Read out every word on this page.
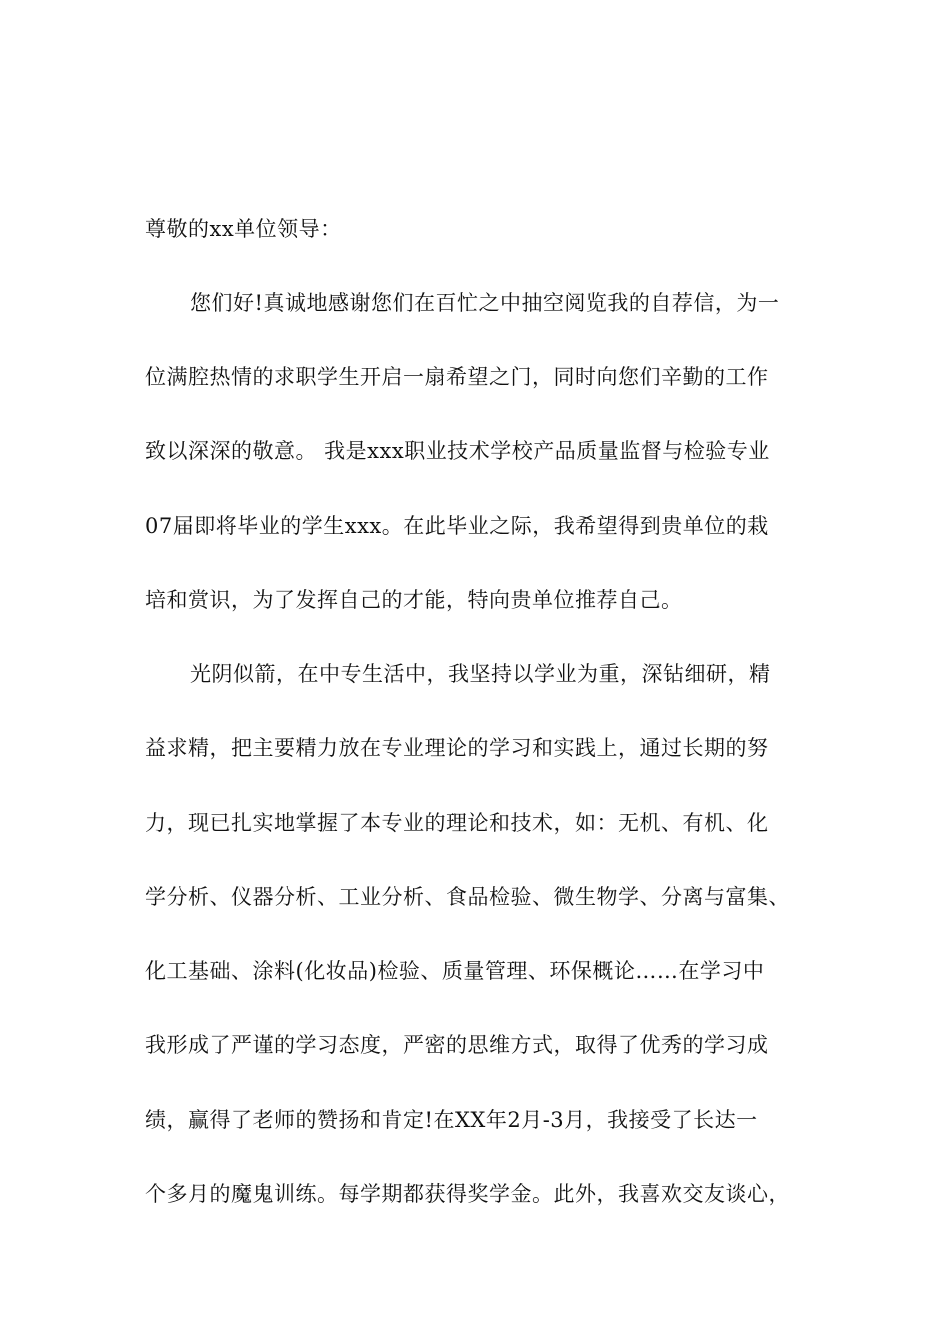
尊敬的xx单位领导：
您们好!真诚地感谢您们在百忙之中抽空阅览我的自荐信，为一
位满腔热情的求职学生开启一扇希望之门，同时向您们辛勤的工作
致以深深的敬意。 我是xxx职业技术学校产品质量监督与检验专业
07届即将毕业的学生xxx。在此毕业之际，我希望得到贵单位的栽
培和赏识，为了发挥自己的才能，特向贵单位推荐自己。
光阴似箭，在中专生活中，我坚持以学业为重，深钻细研，精
益求精，把主要精力放在专业理论的学习和实践上，通过长期的努
力，现已扎实地掌握了本专业的理论和技术，如：无机、有机、化
学分析、仪器分析、工业分析、食品检验、微生物学、分离与富集、
化工基础、涂料(化妆品)检验、质量管理、环保概论……在学习中
我形成了严谨的学习态度，严密的思维方式，取得了优秀的学习成
绩，赢得了老师的赞扬和肯定!在XX年2月-3月，我接受了长达一
个多月的魔鬼训练。每学期都获得奖学金。此外，我喜欢交友谈心，
